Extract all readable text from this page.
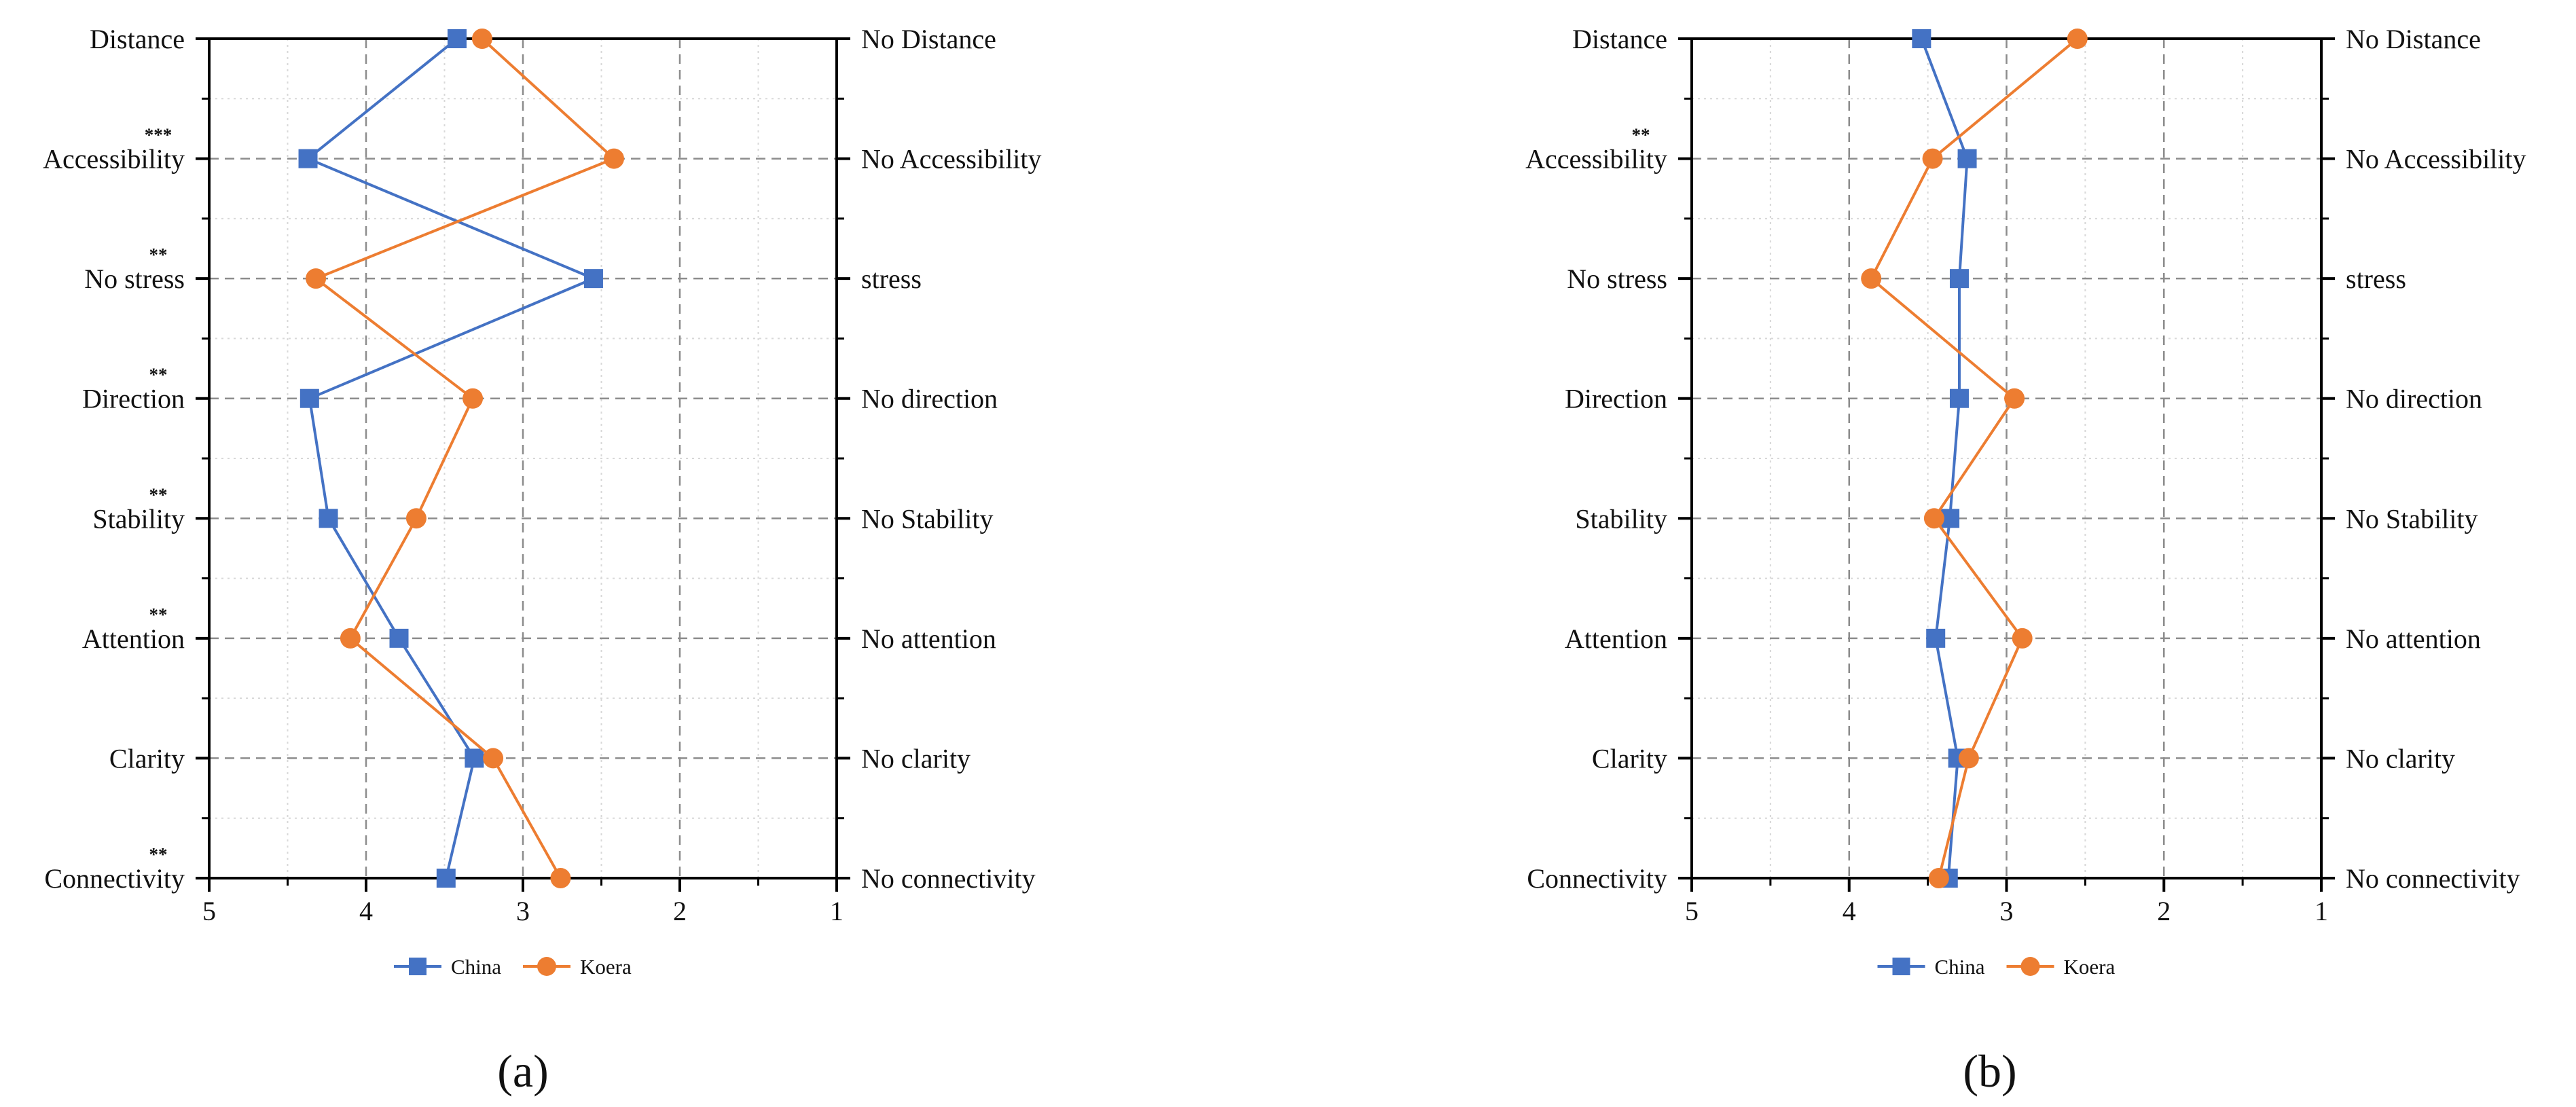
5	4	3	2	1
Distance
Accessibility
***
No stress
**
Direction
**
Stability
**
Attention
**
Clarity
Connectivity
**
No Distance
No Accessibility
stress
No direction
No Stability
No attention
No clarity
No connectivity
China	Koera
(a)
5	4	3	2	1
Distance
Accessibility
**
No stress
Direction
Stability
Attention
Clarity
Connectivity
No Distance
No Accessibility
stress
No direction
No Stability
No attention
No clarity
No connectivity
China	Koera
(b)
